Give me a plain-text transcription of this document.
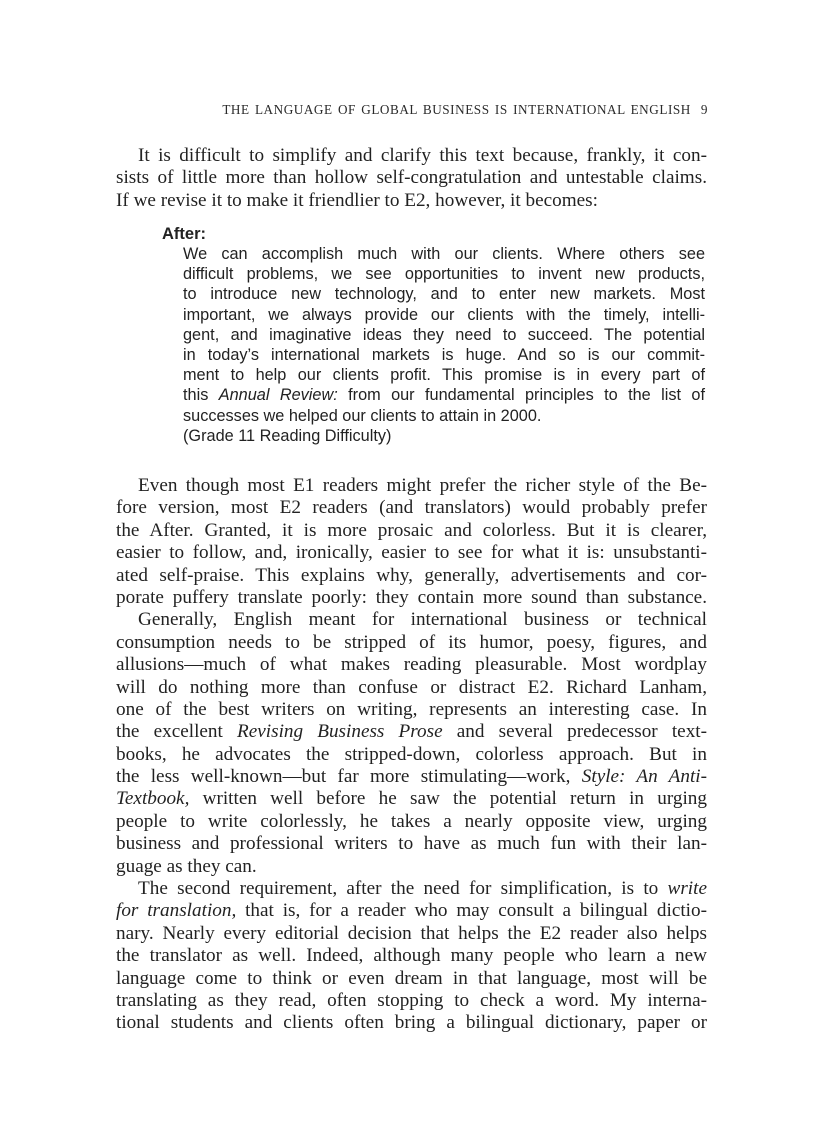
THE LANGUAGE OF GLOBAL BUSINESS IS INTERNATIONAL ENGLISH 9
It is difficult to simplify and clarify this text because, frankly, it con-
sists of little more than hollow self-congratulation and untestable claims.
If we revise it to make it friendlier to E2, however, it becomes:
After:
We can accomplish much with our clients. Where others see
difficult problems, we see opportunities to invent new products,
to introduce new technology, and to enter new markets. Most
important, we always provide our clients with the timely, intelli-
gent, and imaginative ideas they need to succeed. The potential
in today’s international markets is huge. And so is our commit-
ment to help our clients profit. This promise is in every part of
this Annual Review: from our fundamental principles to the list of
successes we helped our clients to attain in 2000.
(Grade 11 Reading Difficulty)
Even though most E1 readers might prefer the richer style of the Be-
fore version, most E2 readers (and translators) would probably prefer
the After. Granted, it is more prosaic and colorless. But it is clearer,
easier to follow, and, ironically, easier to see for what it is: unsubstanti-
ated self-praise. This explains why, generally, advertisements and cor-
porate puffery translate poorly: they contain more sound than substance.
Generally, English meant for international business or technical
consumption needs to be stripped of its humor, poesy, figures, and
allusions—much of what makes reading pleasurable. Most wordplay
will do nothing more than confuse or distract E2. Richard Lanham,
one of the best writers on writing, represents an interesting case. In
the excellent Revising Business Prose and several predecessor text-
books, he advocates the stripped-down, colorless approach. But in
the less well-known—but far more stimulating—work, Style: An Anti-
Textbook, written well before he saw the potential return in urging
people to write colorlessly, he takes a nearly opposite view, urging
business and professional writers to have as much fun with their lan-
guage as they can.
The second requirement, after the need for simplification, is to write
for translation, that is, for a reader who may consult a bilingual dictio-
nary. Nearly every editorial decision that helps the E2 reader also helps
the translator as well. Indeed, although many people who learn a new
language come to think or even dream in that language, most will be
translating as they read, often stopping to check a word. My interna-
tional students and clients often bring a bilingual dictionary, paper or
